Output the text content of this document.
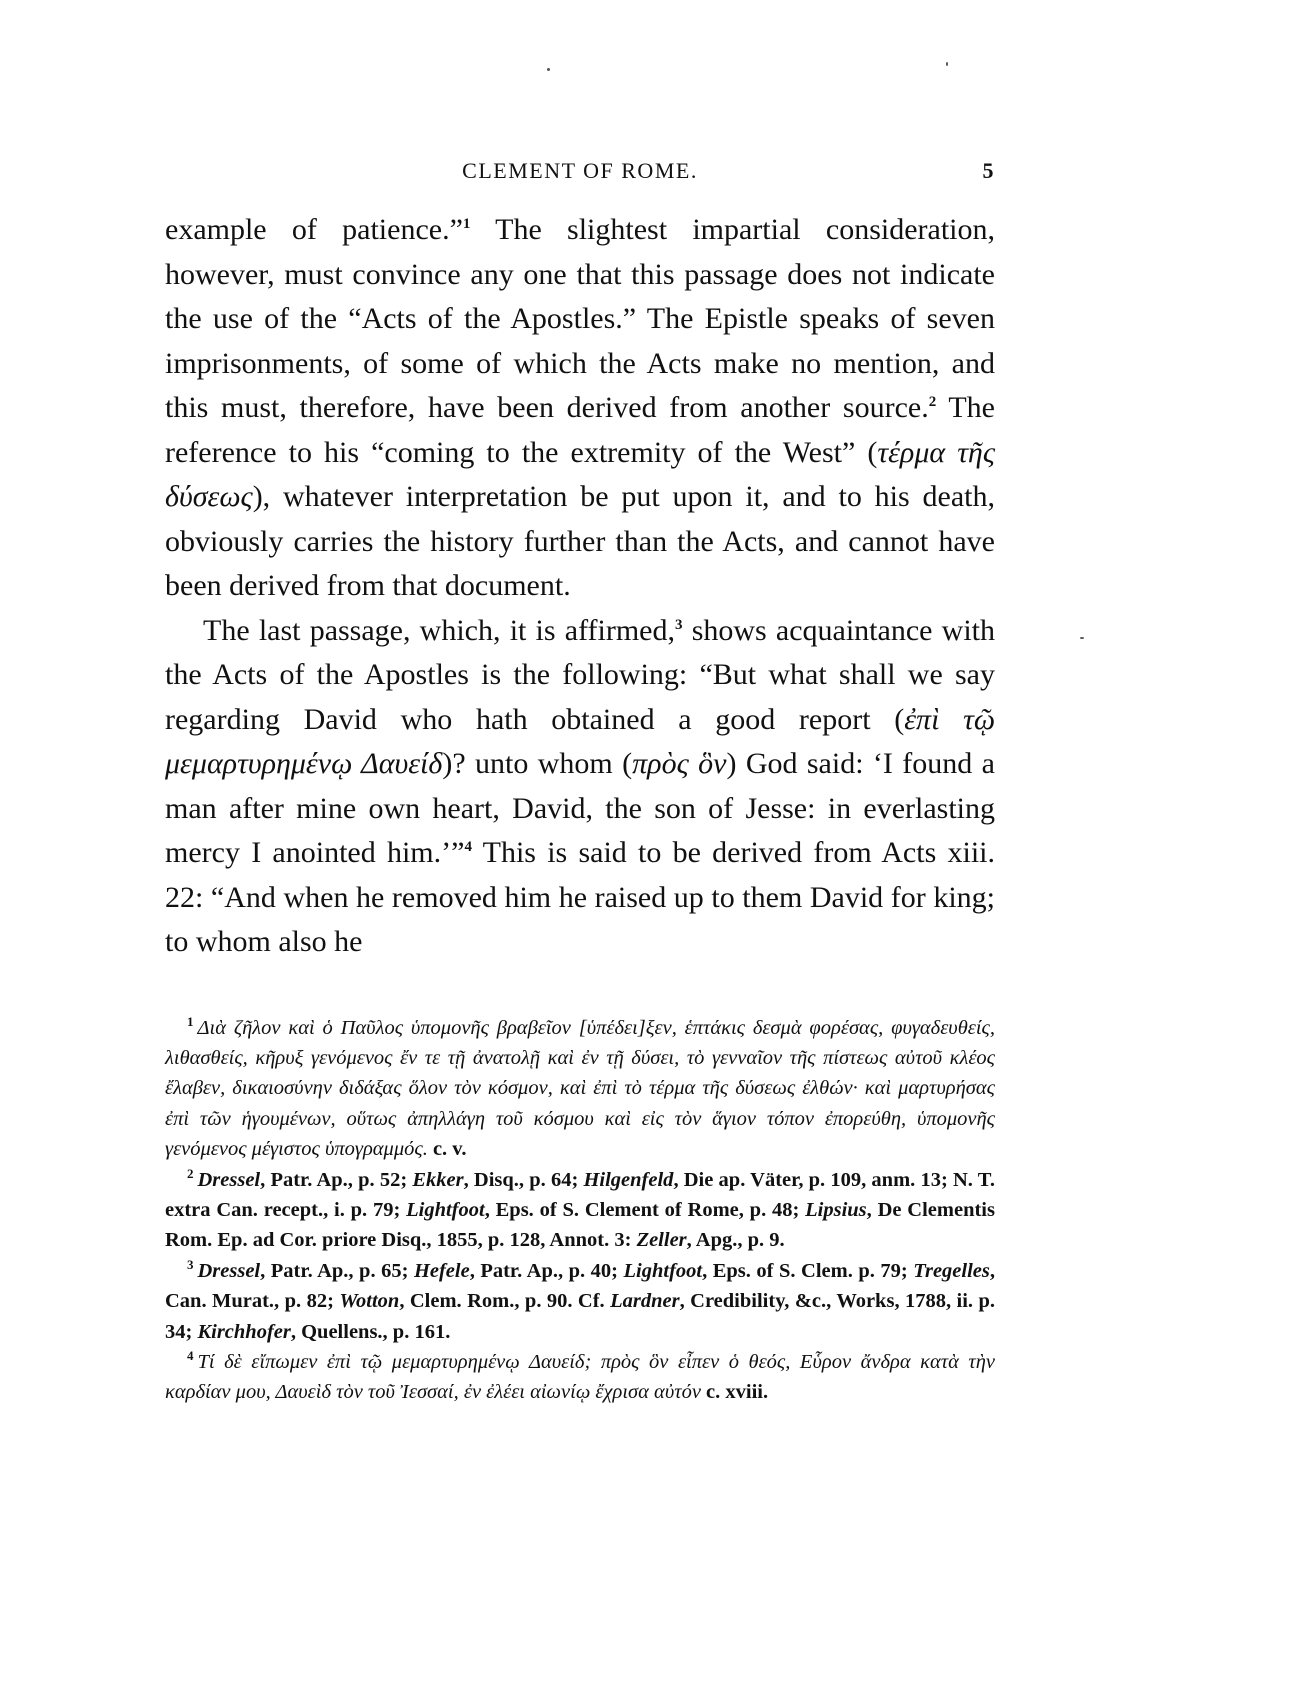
CLEMENT OF ROME.	5

example of patience.”$^1$ The slightest impartial consideration, however, must convince any one that this passage does not indicate the use of the “Acts of the Apostles.” The Epistle speaks of seven imprisonments, of some of which the Acts make no mention, and this must, therefore, have been derived from another source.$^2$ The reference to his “coming to the extremity of the West” (τέρμα τῆς δύσεως), whatever interpretation be put upon it, and to his death, obviously carries the history further than the Acts, and cannot have been derived from that document.

The last passage, which, it is affirmed,$^3$ shows acquaintance with the Acts of the Apostles is the following: “But what shall we say regarding David who hath obtained a good report (ἐπὶ τῷ μεμαρτυρημένῳ Δαυείδ)? unto whom (πρὸς ὃν) God said: ‘I found a man after mine own heart, David, the son of Jesse: in everlasting mercy I anointed him.’”$^4$ This is said to be derived from Acts xiii. 22: “And when he removed him he raised up to them David for king; to whom also he

$^1$ Διὰ ζῆλον καὶ ὁ Παῦλος ὑπομονῆς βραβεῖον [ὑπέδει]ξεν, ἑπτάκις δεσμὰ φορέσας, φυγαδευθείς, λιθασθείς, κῆρυξ γενόμενος ἔν τε τῇ ἀνατολῇ καὶ ἐν τῇ δύσει, τὸ γενναῖον τῆς πίστεως αὐτοῦ κλέος ἔλαβεν, δικαιοσύνην διδάξας ὅλον τὸν κόσμον, καὶ ἐπὶ τὸ τέρμα τῆς δύσεως ἐλθών· καὶ μαρτυρήσας ἐπὶ τῶν ἡγουμένων, οὕτως ἀπηλλάγη τοῦ κόσμου καὶ εἰς τὸν ἅγιον τόπον ἐπορεύθη, ὑπομονῆς γενόμενος μέγιστος ὑπογραμμός. c. v.

$^2$ Dressel, Patr. Ap., p. 52; Ekker, Disq., p. 64; Hilgenfeld, Die ap. Väter, p. 109, anm. 13; N. T. extra Can. recept., i. p. 79; Lightfoot, Eps. of S. Clement of Rome, p. 48; Lipsius, De Clementis Rom. Ep. ad Cor. priore Disq., 1855, p. 128, Annot. 3: Zeller, Apg., p. 9.

$^3$ Dressel, Patr. Ap., p. 65; Hefele, Patr. Ap., p. 40; Lightfoot, Eps. of S. Clem. p. 79; Tregelles, Can. Murat., p. 82; Wotton, Clem. Rom., p. 90. Cf. Lardner, Credibility, &c., Works, 1788, ii. p. 34; Kirchhofer, Quellens., p. 161.

$^4$ Τί δὲ εἴπωμεν ἐπὶ τῷ μεμαρτυρημένῳ Δαυείδ; πρὸς ὃν εἶπεν ὁ θεός, Εὗρον ἄνδρα κατὰ τὴν καρδίαν μου, Δαυεὶδ τὸν τοῦ Ἰεσσαί, ἐν ἐλέει αἰωνίῳ ἔχρισα αὐτόν c. xviii.
